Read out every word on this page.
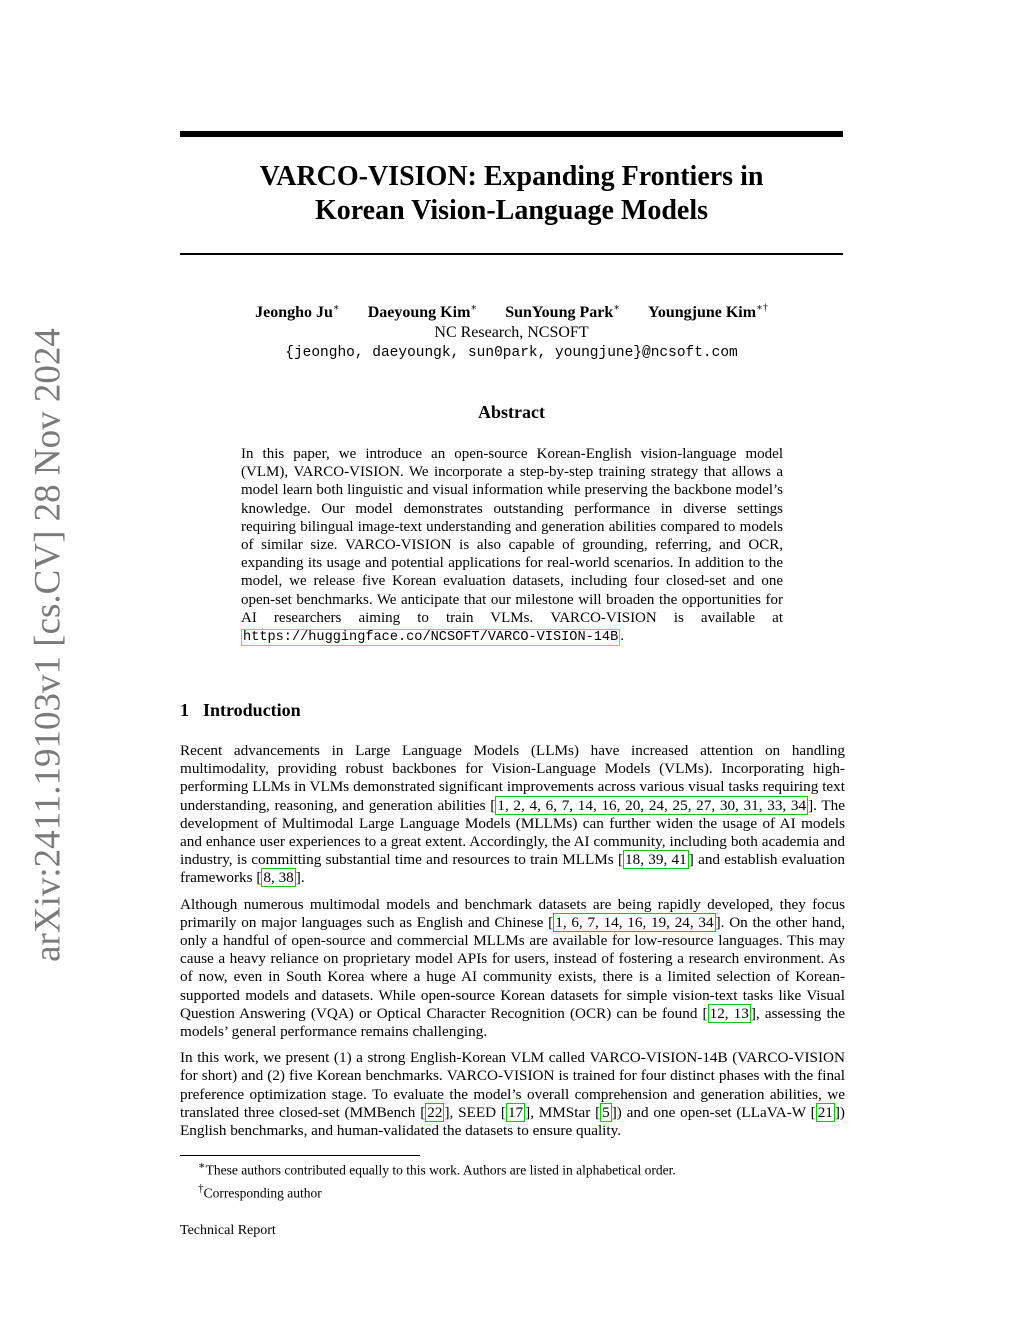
arXiv:2411.19103v1 [cs.CV] 28 Nov 2024
VARCO-VISION: Expanding Frontiers in
Korean Vision-Language Models
Jeongho Ju∗ Daeyoung Kim∗ SunYoung Park∗ Youngjune Kim∗†
NC Research, NCSOFT
{jeongho, daeyoungk, sun0park, youngjune}@ncsoft.com
Abstract
In this paper, we introduce an open-source Korean-English vision-language model (VLM), VARCO-VISION. We incorporate a step-by-step training strategy that allows a model learn both linguistic and visual information while preserving the backbone model’s knowledge. Our model demonstrates outstanding performance in diverse settings requiring bilingual image-text understanding and generation abilities compared to models of similar size. VARCO-VISION is also capable of grounding, referring, and OCR, expanding its usage and potential applications for real-world scenarios. In addition to the model, we release five Korean evaluation datasets, including four closed-set and one open-set benchmarks. We anticipate that our milestone will broaden the opportunities for AI researchers aiming to train VLMs. VARCO-VISION is available at https://huggingface.co/NCSOFT/VARCO-VISION-14B .
1 Introduction

Recent advancements in Large Language Models (LLMs) have increased attention on handling multimodality, providing robust backbones for Vision-Language Models (VLMs). Incorporating high-performing LLMs in VLMs demonstrated significant improvements across various visual tasks requiring text understanding, reasoning, and generation abilities [ 1, 2, 4, 6, 7, 14, 16, 20, 24, 25, 27, 30, 31, 33, 34 ]. The development of Multimodal Large Language Models (MLLMs) can further widen the usage of AI models and enhance user experiences to a great extent. Accordingly, the AI community, including both academia and industry, is committing substantial time and resources to train MLLMs [ 18, 39, 41 ] and establish evaluation frameworks [ 8, 38 ].

Although numerous multimodal models and benchmark datasets are being rapidly developed, they focus primarily on major languages such as English and Chinese [ 1, 6, 7, 14, 16, 19, 24, 34 ]. On the other hand, only a handful of open-source and commercial MLLMs are available for low-resource languages. This may cause a heavy reliance on proprietary model APIs for users, instead of fostering a research environment. As of now, even in South Korea where a huge AI community exists, there is a limited selection of Korean-supported models and datasets. While open-source Korean datasets for simple vision-text tasks like Visual Question Answering (VQA) or Optical Character Recognition (OCR) can be found [ 12, 13 ], assessing the models’ general performance remains challenging.

In this work, we present (1) a strong English-Korean VLM called VARCO-VISION-14B (VARCO-VISION for short) and (2) five Korean benchmarks. VARCO-VISION is trained for four distinct phases with the final preference optimization stage. To evaluate the model’s overall comprehension and generation abilities, we translated three closed-set (MMBench [ 22 ], SEED [ 17 ], MMStar [ 5 ]) and one open-set (LLaVA-W [ 21 ]) English benchmarks, and human-validated the datasets to ensure quality.

∗These authors contributed equally to this work. Authors are listed in alphabetical order.
†Corresponding author
Technical Report
